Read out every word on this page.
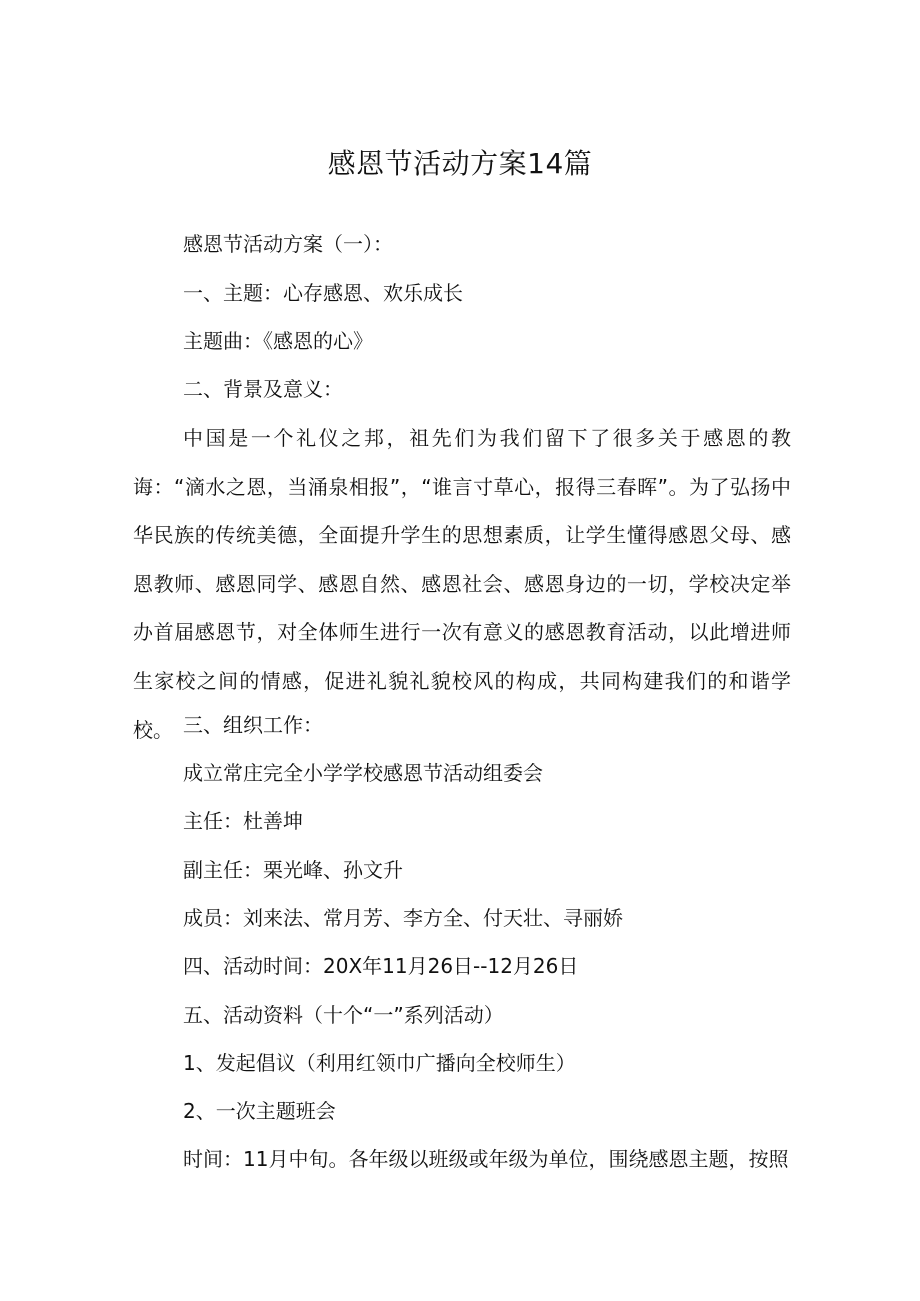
感恩节活动方案14篇
感恩节活动方案（一）：
一、主题：心存感恩、欢乐成长
主题曲：《感恩的心》
二、背景及意义：
中国是一个礼仪之邦，祖先们为我们留下了很多关于感恩的教诲：“滴水之恩，当涌泉相报”，“谁言寸草心，报得三春晖”。为了弘扬中华民族的传统美德，全面提升学生的思想素质，让学生懂得感恩父母、感恩教师、感恩同学、感恩自然、感恩社会、感恩身边的一切，学校决定举办首届感恩节，对全体师生进行一次有意义的感恩教育活动，以此增进师生家校之间的情感，促进礼貌礼貌校风的构成，共同构建我们的和谐学校。 三、组织工作：
成立常庄完全小学学校感恩节活动组委会
主任：杜善坤
副主任：栗光峰、孙文升
成员：刘来法、常月芳、李方全、付天壮、寻丽娇
四、活动时间：20X年11月26日--12月26日
五、活动资料（十个“一”系列活动）
1、发起倡议（利用红领巾广播向全校师生）
2、一次主题班会
时间：11月中旬。各年级以班级或年级为单位，围绕感恩主题，按照
